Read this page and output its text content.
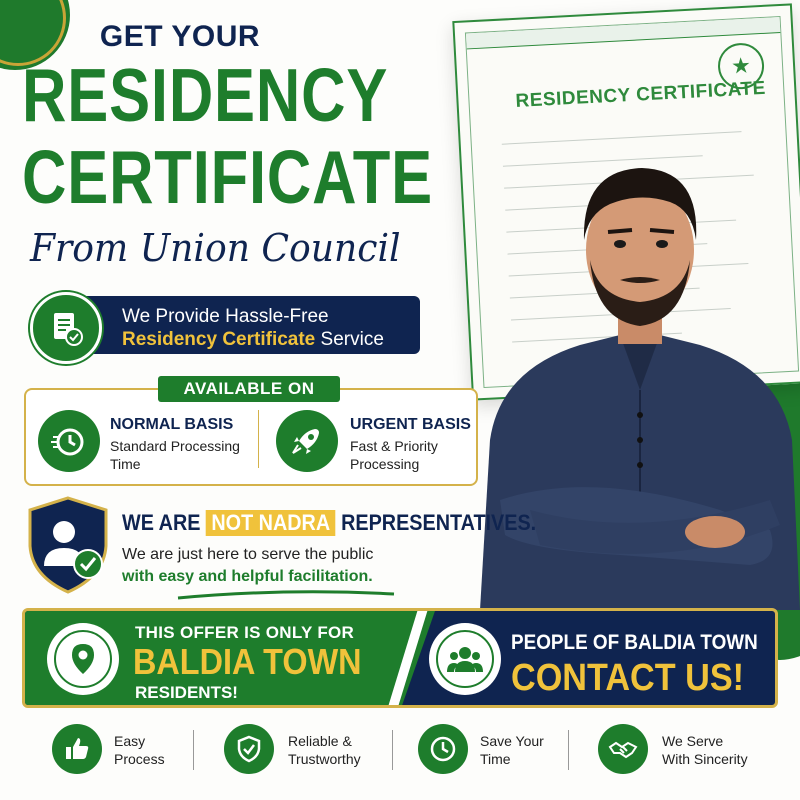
★
RESIDENCY CERTIFICATE
GET YOUR
RESIDENCY
CERTIFICATE
From Union Council
We Provide Hassle-Free
Residency Certificate Service
AVAILABLE ON
NORMAL BASIS
Standard Processing Time
URGENT BASIS
Fast & Priority Processing
WE ARE NOT NADRA REPRESENTATIVES.
We are just here to serve the public
with easy and helpful facilitation.
THIS OFFER IS ONLY FOR
BALDIA TOWN
RESIDENTS!
PEOPLE OF BALDIA TOWN
CONTACT US!
Easy
Process
Reliable &
Trustworthy
Save Your
Time
We Serve
With Sincerity
